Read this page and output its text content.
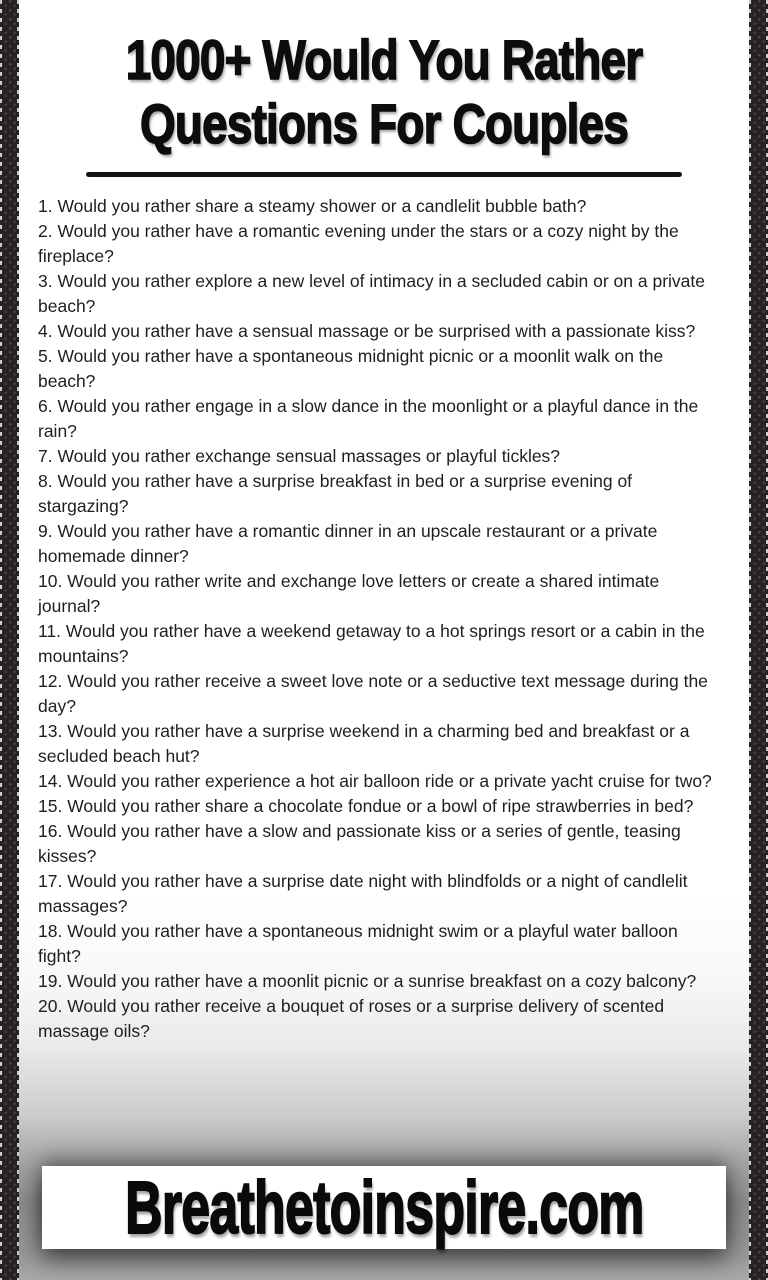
1000+ Would You Rather
Questions For Couples

1. Would you rather share a steamy shower or a candlelit bubble bath?

2. Would you rather have a romantic evening under the stars or a cozy night by the fireplace?

3. Would you rather explore a new level of intimacy in a secluded cabin or on a private beach?

4. Would you rather have a sensual massage or be surprised with a passionate kiss?

5. Would you rather have a spontaneous midnight picnic or a moonlit walk on the beach?

6. Would you rather engage in a slow dance in the moonlight or a playful dance in the rain?

7. Would you rather exchange sensual massages or playful tickles?

8. Would you rather have a surprise breakfast in bed or a surprise evening of stargazing?

9. Would you rather have a romantic dinner in an upscale restaurant or a private homemade dinner?

10. Would you rather write and exchange love letters or create a shared intimate journal?

11. Would you rather have a weekend getaway to a hot springs resort or a cabin in the mountains?

12. Would you rather receive a sweet love note or a seductive text message during the day?

13. Would you rather have a surprise weekend in a charming bed and breakfast or a secluded beach hut?

14. Would you rather experience a hot air balloon ride or a private yacht cruise for two?

15. Would you rather share a chocolate fondue or a bowl of ripe strawberries in bed?

16. Would you rather have a slow and passionate kiss or a series of gentle, teasing kisses?

17. Would you rather have a surprise date night with blindfolds or a night of candlelit massages?

18. Would you rather have a spontaneous midnight swim or a playful water balloon fight?

19. Would you rather have a moonlit picnic or a sunrise breakfast on a cozy balcony?

20. Would you rather receive a bouquet of roses or a surprise delivery of scented massage oils?

Breathetoinspire.com
